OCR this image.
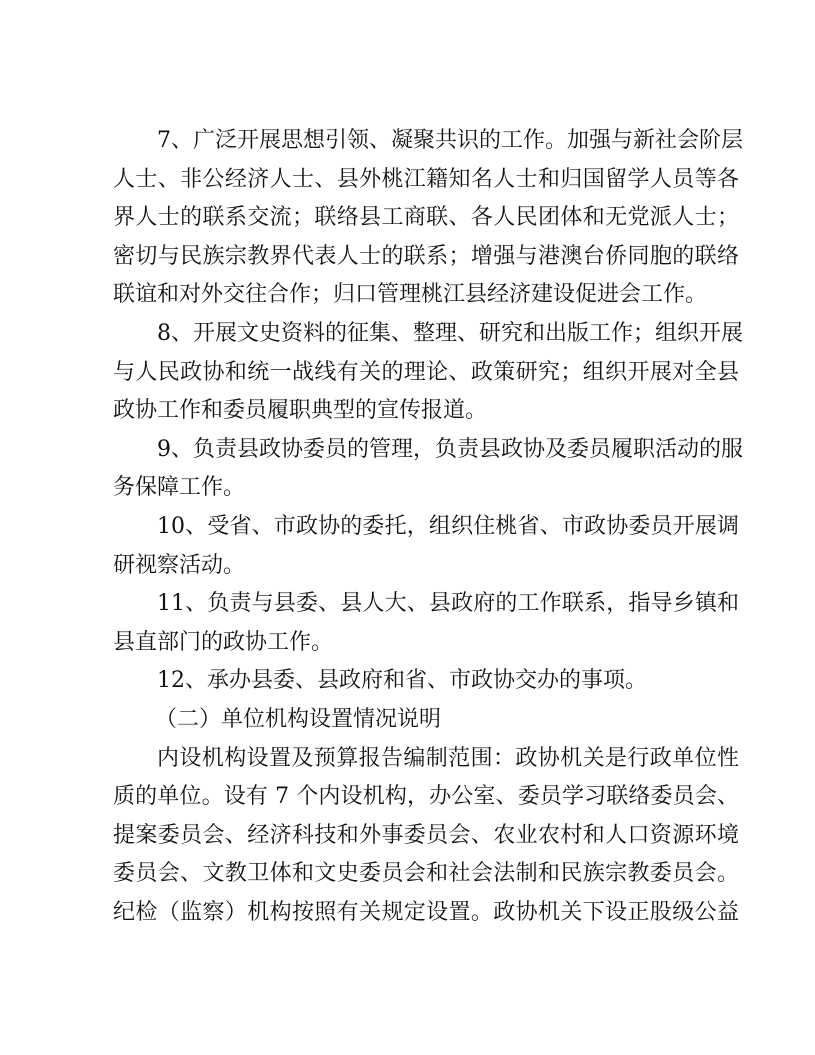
7、广泛开展思想引领、凝聚共识的工作。加强与新社会阶层
人士、非公经济人士、县外桃江籍知名人士和归国留学人员等各
界人士的联系交流；联络县工商联、各人民团体和无党派人士；
密切与民族宗教界代表人士的联系；增强与港澳台侨同胞的联络
联谊和对外交往合作；归口管理桃江县经济建设促进会工作。
8、开展文史资料的征集、整理、研究和出版工作；组织开展
与人民政协和统一战线有关的理论、政策研究；组织开展对全县
政协工作和委员履职典型的宣传报道。
9、负责县政协委员的管理，负责县政协及委员履职活动的服
务保障工作。
10、受省、市政协的委托，组织住桃省、市政协委员开展调
研视察活动。
11、负责与县委、县人大、县政府的工作联系，指导乡镇和
县直部门的政协工作。
12、承办县委、县政府和省、市政协交办的事项。
（二）单位机构设置情况说明
内设机构设置及预算报告编制范围：政协机关是行政单位性
质的单位。设有 7 个内设机构，办公室、委员学习联络委员会、
提案委员会、经济科技和外事委员会、农业农村和人口资源环境
委员会、文教卫体和文史委员会和社会法制和民族宗教委员会。
纪检（监察）机构按照有关规定设置。政协机关下设正股级公益
